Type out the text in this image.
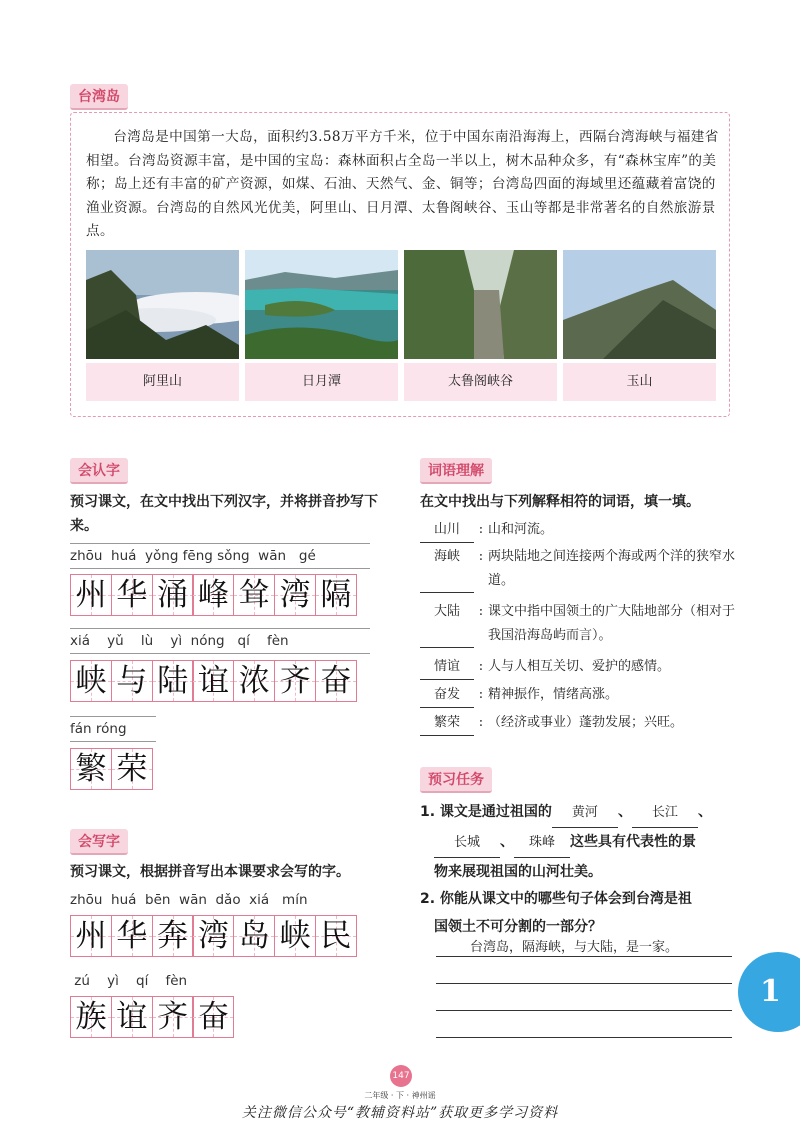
台湾岛

台湾岛是中国第一大岛，面积约3.58万平方千米，位于中国东南沿海海上，西隔台湾海峡与福建省相望。台湾岛资源丰富，是中国的宝岛：森林面积占全岛一半以上，树木品种众多，有“森林宝库”的美称；岛上还有丰富的矿产资源，如煤、石油、天然气、金、铜等；台湾岛四面的海域里还蕴藏着富饶的渔业资源。台湾岛的自然风光优美，阿里山、日月潭、太鲁阁峡谷、玉山等都是非常著名的自然旅游景点。

阿里山	日月潭	太鲁阁峡谷	玉山
会认字
预习课文，在文中找出下列汉字，并将拼音抄写下来。
zhōu  huá  yǒng fēng sǒng  wān   gé
州 华 涌 峰 耸 湾 隔
xiá    yǔ    lù    yì  nóng   qí    fèn
峡 与 陆 谊 浓 齐 奋
fán róng
繁 荣
会写字
预习课文，根据拼音写出本课要求会写的字。
zhōu  huá  bēn  wān  dǎo  xiá   mín
州 华 奔 湾 岛 峡 民
zú    yì    qí    fèn
族 谊 齐 奋
词语理解
在文中找出与下列解释相符的词语，填一填。
山川	: 山和河流。
海峡	: 两块陆地之间连接两个海或两个洋的狭窄水道。
大陆	: 课文中指中国领土的广大陆地部分（相对于我国沿海岛屿而言）。
情谊	: 人与人相互关切、爱护的感情。
奋发	: 精神振作，情绪高涨。
繁荣	: （经济或事业）蓬勃发展；兴旺。
预习任务
1. 课文是通过祖国的 黄河 、 长江 、
长城 、 珠峰 这些具有代表性的景
物来展现祖国的山河壮美。
2. 你能从课文中的哪些句子体会到台湾是祖
国领土不可分割的一部分？
台湾岛，隔海峡，与大陆，是一家。
1
147
二年级 · 下 · 神州谣
关注微信公众号“教辅资料站”获取更多学习资料
